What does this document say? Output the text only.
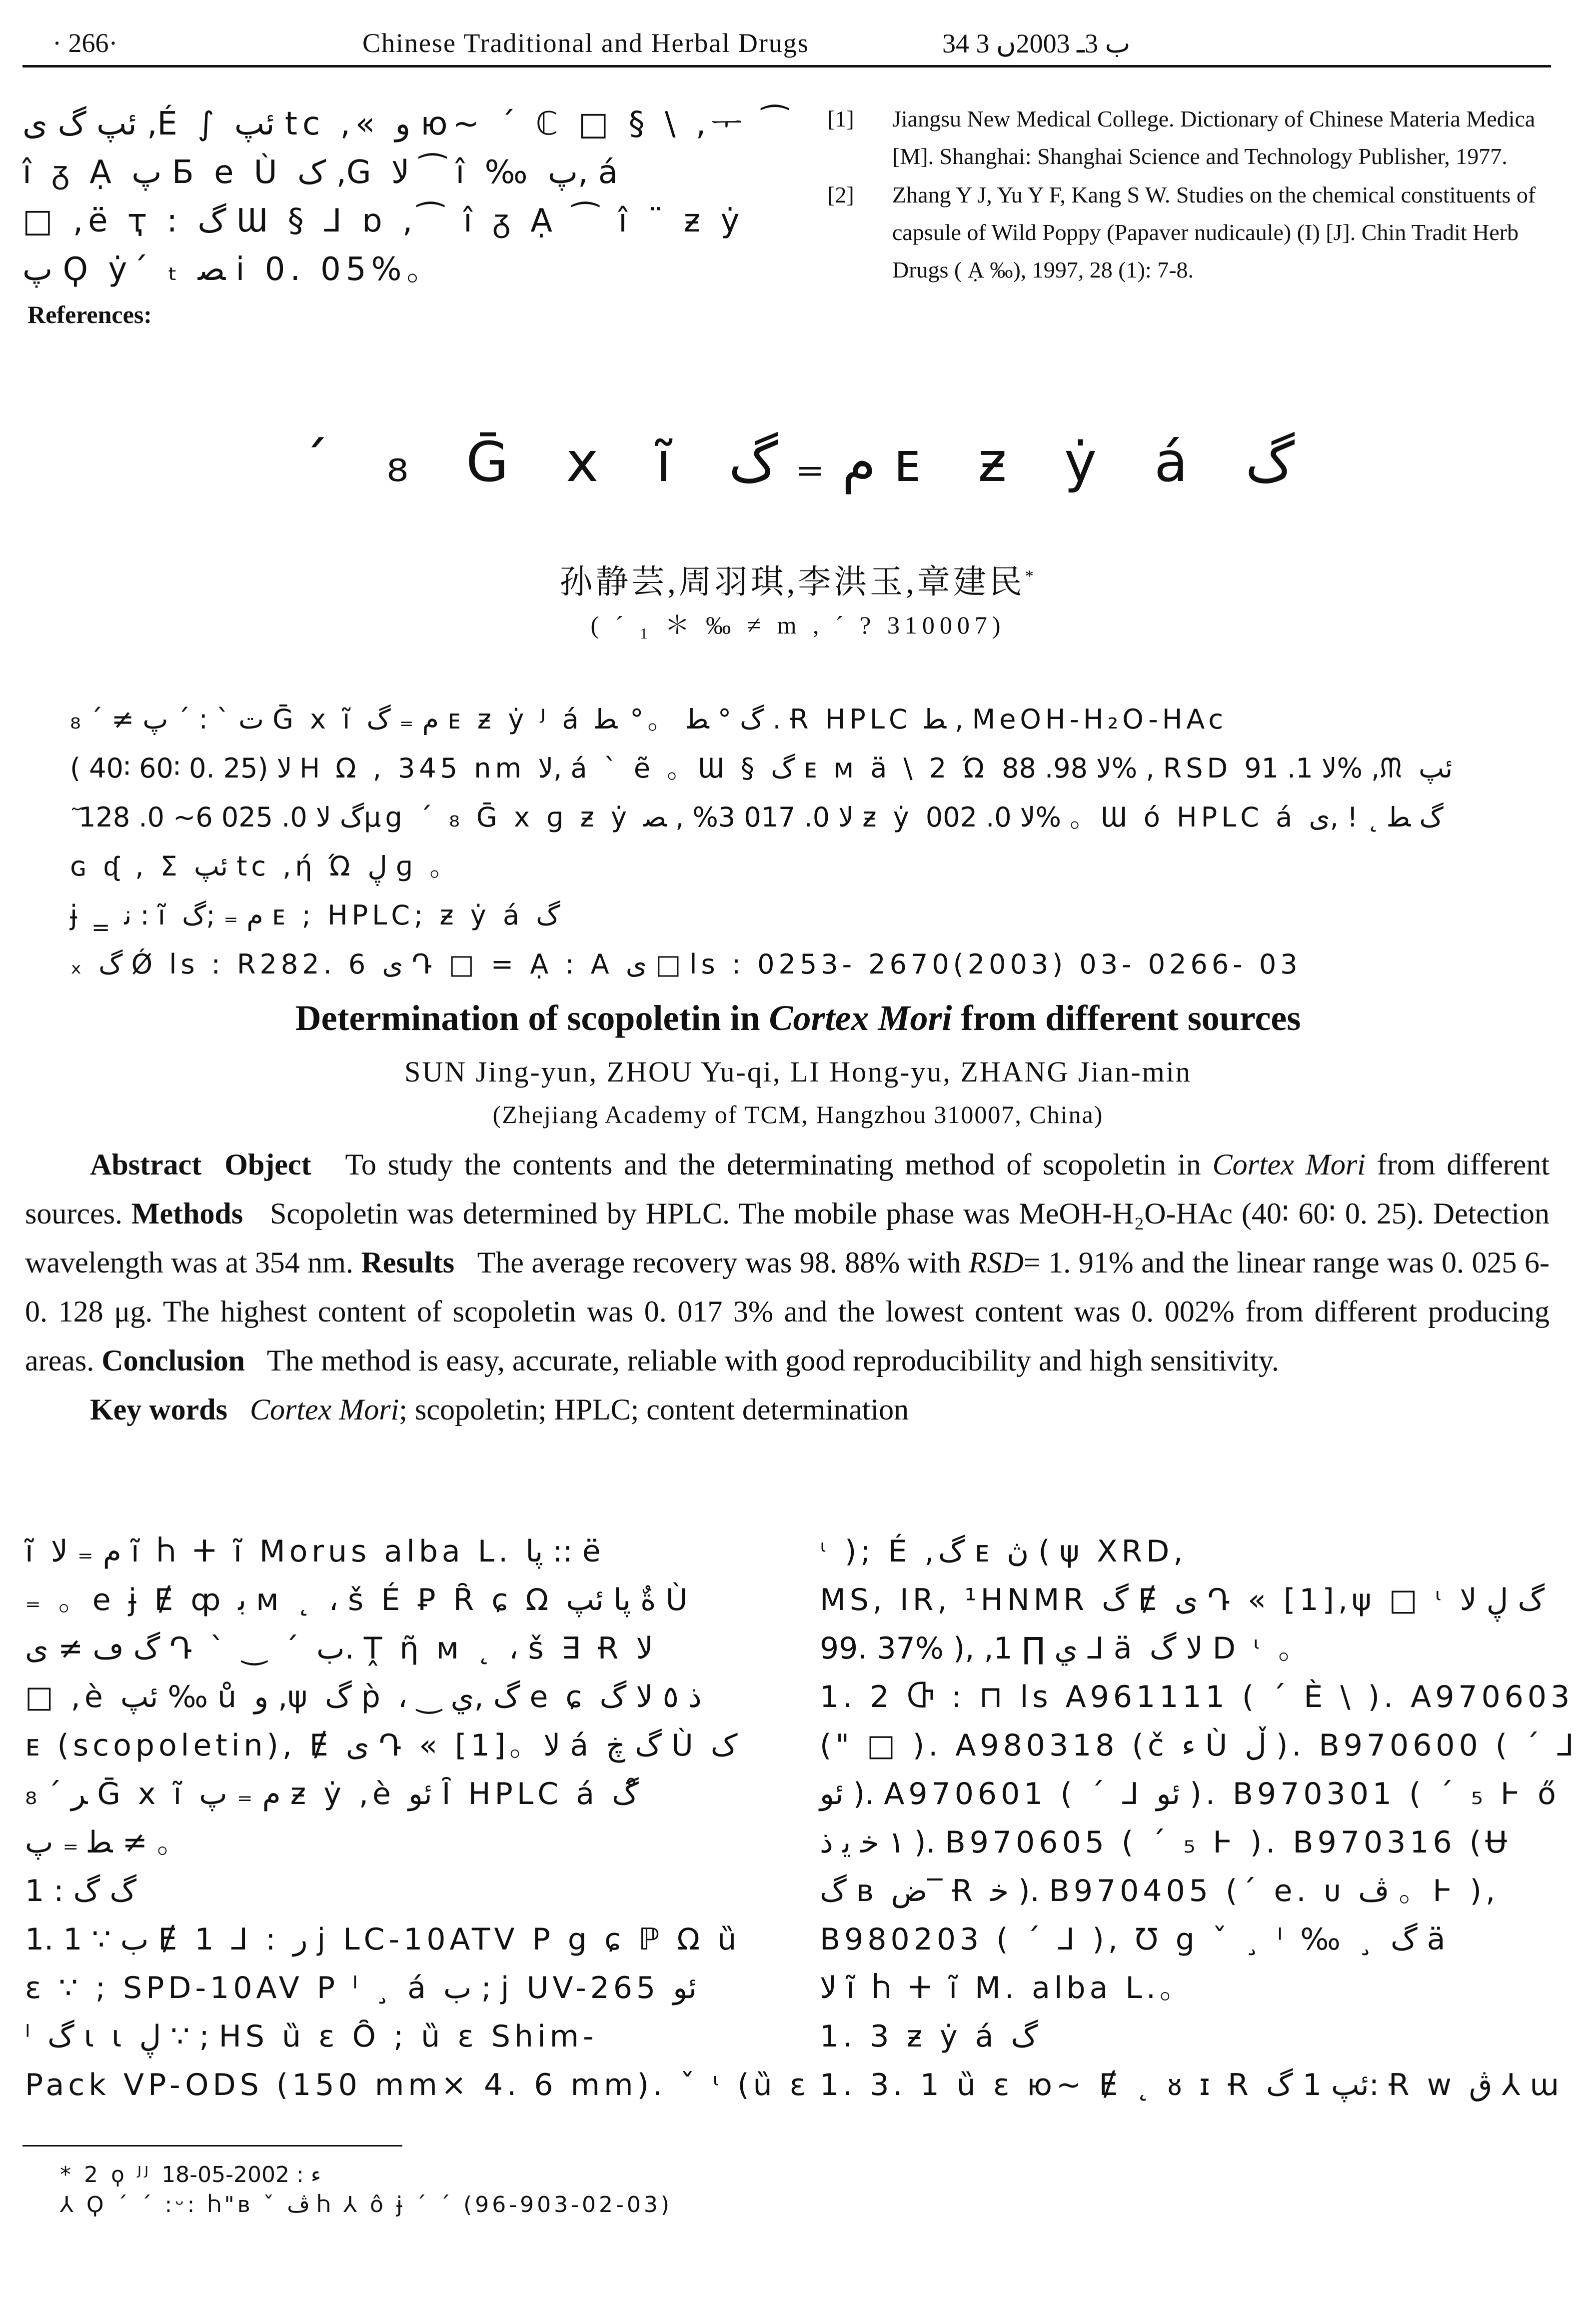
· 266·	Chinese Traditional and Herbal Drugs	34 ب 3ـ 2003ں 3
ئپ گ ی ,É ∫ ئپ tc ,« و ю~ ´ ℂ □ § \ ,ᅮ ⁀
î ᵹ Ạ پ Б e Ù ک ,G ﻻ ⁀ î ‰ پ, á
□ ,ë ҭ : گ Ɯ § ⅃ ɒ ,⁀ î ᵹ Ạ ⁀ î ¨ ƶ ẏ
پ Ϙ ẏ´ ₜ ﺼ i 0. 05%。
References:
[1] Jiangsu New Medical College. Dictionary of Chinese Materia Medica [M]. Shanghai: Shanghai Science and Technology Publisher, 1977.
[2] Zhang Y J, Yu Y F, Kang S W. Studies on the chemical constituents of capsule of Wild Poppy (Papaver nudicaule) (I) [J]. Chin Tradit Herb Drugs ( Ạ ‰), 1997, 28 (1): 7-8.
´ ₈ Ḡ x ĩ م ₌ گ ᴇ ƶ ẏ á گ
孙静芸,周羽琪,李洪玉,章建民*
( ´ ₁ ＊ ‰ ≠ m , ´ ? 310007)
ت ` : ˊ پ ≠ ´ ₈ Ḡ x ĩ م ₌ گ ᴇ ƶ ẏ ᴶ á گ ° ﻄ 。° ﻄ . Ɍ HPLC ﻄ , MeOH-H₂O-HAc
( 40∶ 60∶ 0. 25) ﻻ Ꮋ Ω , 345 nm ﻻ, á ` ẽ 。Ɯ § گ ᴇ ᴍ ä \ 2 Ώ ﻻ 98. 88% , RSD ﻻ 1. 91% ,ᙏ ئپ
ٓ گ ﻻ 0. 025 6~ 0. 128μg ´ ₈ Ḡ x ɡ ƶ ẏ ﻻ 0. 017 3% , ﺼ ƶ ẏ ﻻ 0. 002% 。Ɯ ó HPLC á گ ﻄ ˛ ! ,ی
ɢ ᶑ , Σ ئپ tc ,ή Ώ ڸ ɡ 。
ɉ ‗ ﻧ : ĩ م ₌ ;گ ᴇ ; HPLC; ƶ ẏ á گ
ₓ گ Ǿ ls : R282. 6 ی Դ □ = Ạ : A ی □ ls : 0253- 2670(2003) 03- 0266- 03
Determination of scopoletin in Cortex Mori from different sources
SUN Jing-yun, ZHOU Yu-qi, LI Hong-yu, ZHANG Jian-min
(Zhejiang Academy of TCM, Hangzhou 310007, China)

Abstract Object To study the contents and the determinating method of scopoletin in Cortex Mori from different sources. Methods Scopoletin was determined by HPLC. The mobile phase was MeOH-H₂O-HAc (40∶ 60∶ 0. 25). Detection wavelength was at 354 nm. Results The average recovery was 98. 88% with RSD= 1. 91% and the linear range was 0. 025 6- 0. 128 μg. The highest content of scopoletin was 0. 017 3% and the lowest content was 0. 002% from different producing areas. Conclusion The method is easy, accurate, reliable with good reproducibility and high sensitivity.

Key words Cortex Mori; scopoletin; HPLC; content determination

ĩ م ₌ ﻻ ĩ Ⴙ ⵜ ĩ Morus alba L. پا :: ë
₌ 。e ɉ Ɇ ȹ ﺑ ᴍ ˛ ، š É Ꝑ Ȓ ɕ Ω ةٌ پا ئپ Ù
گ ڡ ≠ ی Դ ` ‿ ´ ب. Ṱ ῆ ᴍ ˛ ، š ∃ Ɍ ﻻ
□ ,è ئپ ‰ ů و ,ψ گ p̀ ، ‿ گ ,ي e ɕ ذ ٥ ﻻ گ
ᴇ (scopoletin), Ɇ ی Դ « [1]。ﻻ á گ ڿ Ù ک
ﺮ ´ ₈ Ḡ x ĩ م ₌ پ ƶ ẏ ,è ئو Ȋ HPLC á گ ̊
ﻄ ₌ پ ≠ 。
1 : گ گ
1. 1 ∵ ب Ɇ 1 ⅃ : ﺭ j LC-10ATV P g ɕ ℙ Ω ȕ
ɛ ∵ ; SPD-10AV P ˡ ¸ á ب ; j UV-265 ئو
ˡ گ ɩ ɩ ڸ ∵ ; HS ȕ ɛ Ȏ ; ȕ ɛ Shim-
Pack VP-ODS (150 mm× 4. 6 mm). ˇ ᶥ (ȕ ɛ
ᶥ ); É ,گ ᴇ ڽ ( ψ XRD,
MS, IR, ¹HNMR گ Ɇ ی Դ « [1],ψ □ ᶥ گ ڸ ﻻ
99. 37% ), ,ي ∏ 1 ⅃ ä ﻻ گ D ᶥ 。
1. 2 Ⴇ : ⊓ ls A961111 ( ´ È \ ). A970603
(" □ ). A980318 (č ﺀ Ù ڵ ). B970600 ( ´ ⅃
ئو ). A970601 ( ´ ⅃ ئو ). B970301 ( ´ ₅ Ͱ ő
١ ﺧ ﯾ ذ ). B970605 ( ´ ₅ Ͱ ). B970316 (Ʉ
گ ʙ ض‾ Ɍ ﺧ ). B970405 (´ e. ᴜ ڤ 。Ͱ ),
B980203 ( ´ ⅃ ), Ʊ g ˇ ¸ ᴵ ‰ ¸ گ ä
ﻻ ĩ Ⴙ ⵜ ĩ M. alba L.。
1. 3 ƶ ẏ á گ
1. 3. 1 ȕ ɛ ю~ Ɇ ˛ ᴕ ɪ Ɍ ئپ 1 گ: Ɍ w ڨ ⅄ ɯ
* 2 ϙ ᴶᴶ ﺀ : 2002-05-18
⅄ Ϙ ´ ´ :ᵕ: Ⴙ"ʙ ˇ ڤ Ⴙ ⅄ ô ɉ ´ ´ (96-903-02-03)
